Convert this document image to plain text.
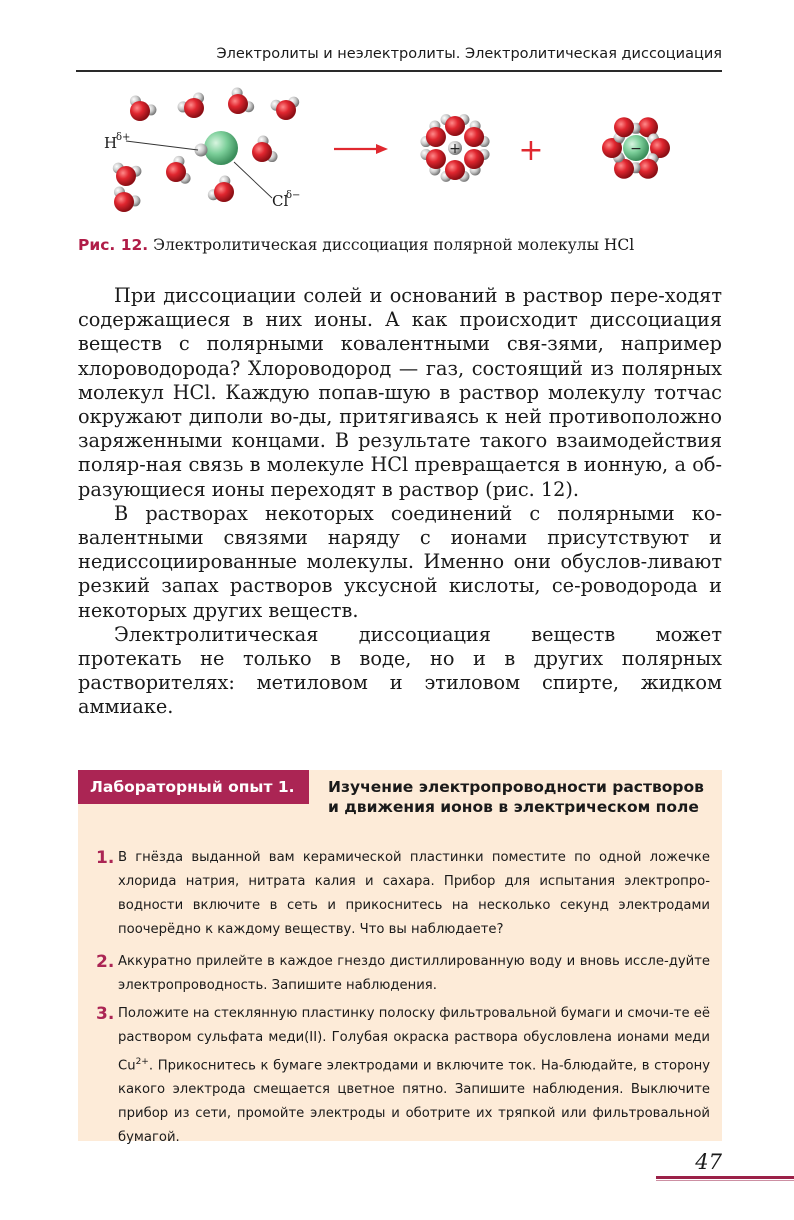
Электролиты и неэлектролиты. Электролитическая диссоциация
H
δ+
Cl
δ−
+
+	−
Рис. 12. Электролитическая диссоциация полярной молекулы HCl

При диссоциации солей и оснований в раствор пере-ходят содержащиеся в них ионы. А как происходит диссоциация веществ с полярными ковалентными свя-зями, например хлороводорода? Хлороводород — газ, состоящий из полярных молекул HCl. Каждую попав-шую в раствор молекулу тотчас окружают диполи во-ды, притягиваясь к ней противоположно заряженными концами. В результате такого взаимодействия поляр-ная связь в молекуле HCl превращается в ионную, а об-разующиеся ионы переходят в раствор (рис. 12).

В растворах некоторых соединений с полярными ко-валентными связями наряду с ионами присутствуют и недиссоциированные молекулы. Именно они обуслов-ливают резкий запах растворов уксусной кислоты, се-роводорода и некоторых других веществ.

Электролитическая диссоциация веществ может протекать не только в воде, но и в других полярных растворителях: метиловом и этиловом спирте, жидком аммиаке.

Лабораторный опыт 1.	Изучение электропроводности растворов и движения ионов в электрическом поле
1. В гнёзда выданной вам керамической пластинки поместите по одной ложечке хлорида натрия, нитрата калия и сахара. Прибор для испытания электропро-водности включите в сеть и прикоснитесь на несколько секунд электродами поочерёдно к каждому веществу. Что вы наблюдаете?
2. Аккуратно прилейте в каждое гнездо дистиллированную воду и вновь иссле-дуйте электропроводность. Запишите наблюдения.
3. Положите на стеклянную пластинку полоску фильтровальной бумаги и смочи-те её раствором сульфата меди(II). Голубая окраска раствора обусловлена ионами меди $Cu^{2+}$. Прикоснитесь к бумаге электродами и включите ток. На-блюдайте, в сторону какого электрода смещается цветное пятно. Запишите наблюдения. Выключите прибор из сети, промойте электроды и оботрите их тряпкой или фильтровальной бумагой.
47
